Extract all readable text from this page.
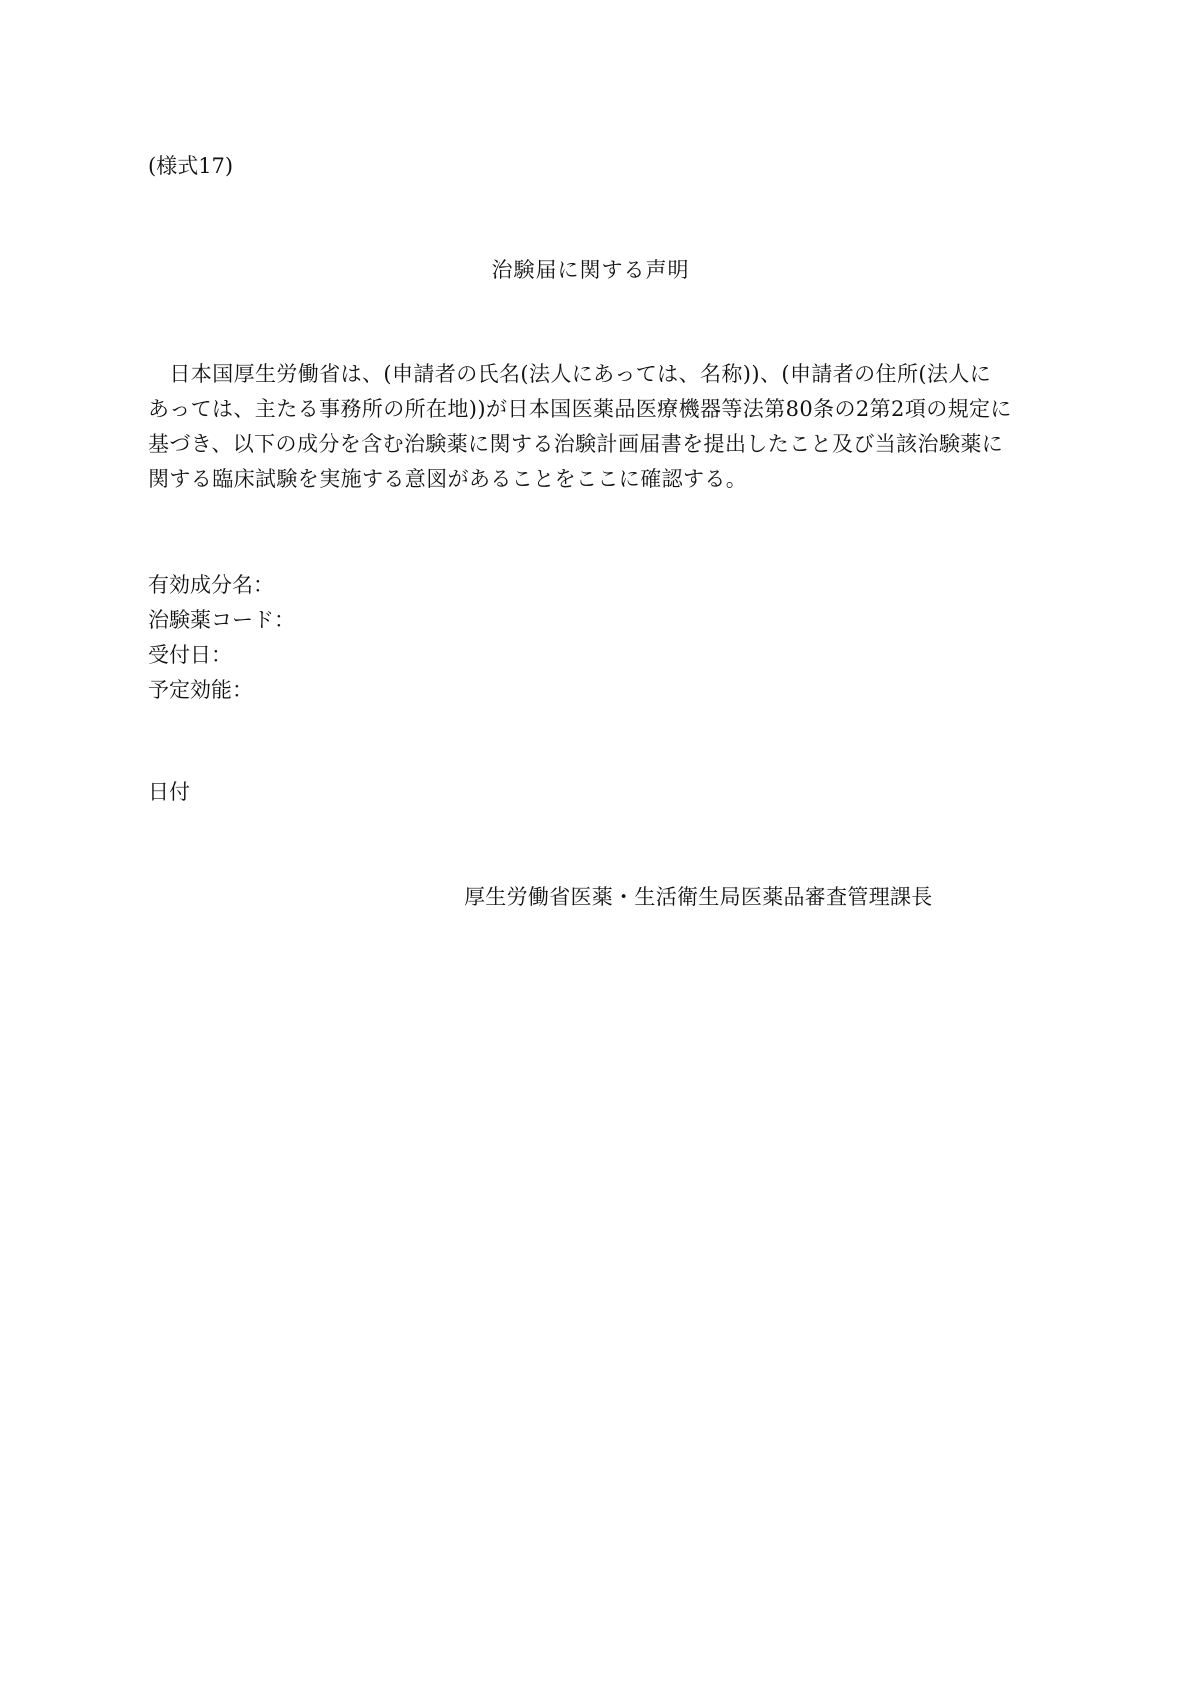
(様式17)
治験届に関する声明
　日本国厚生労働省は、(申請者の氏名(法人にあっては、名称))、(申請者の住所(法人に
あっては、主たる事務所の所在地))が日本国医薬品医療機器等法第80条の2第2項の規定に
基づき、以下の成分を含む治験薬に関する治験計画届書を提出したこと及び当該治験薬に
関する臨床試験を実施する意図があることをここに確認する。
有効成分名：
治験薬コード：
受付日：
予定効能：
日付
厚生労働省医薬・生活衛生局医薬品審査管理課長
